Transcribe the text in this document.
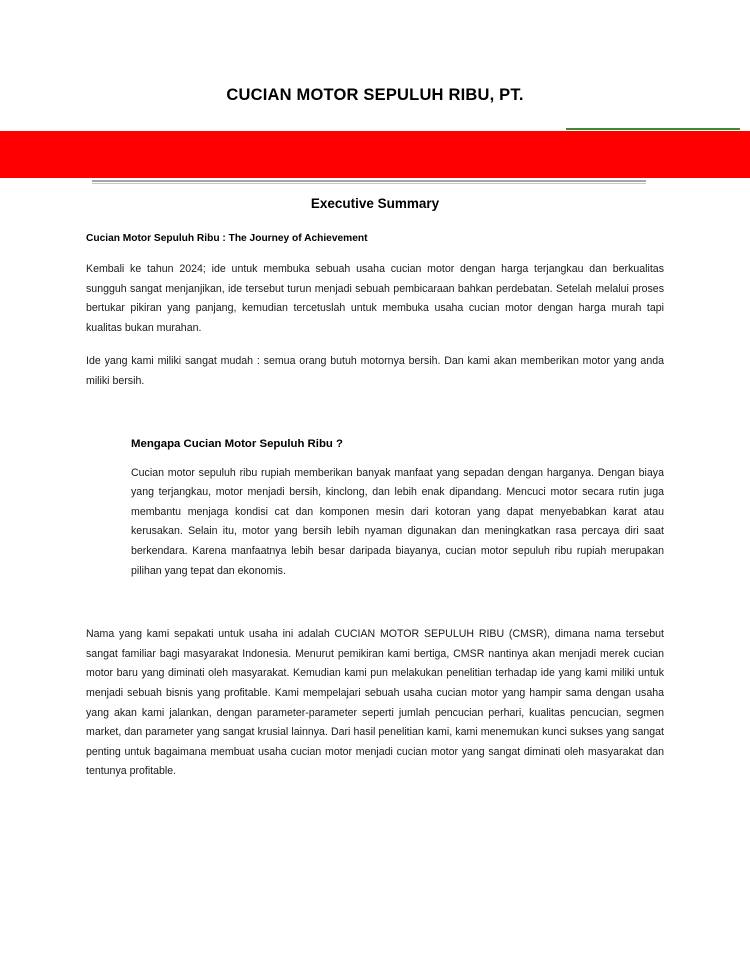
CUCIAN MOTOR SEPULUH RIBU, PT.
Executive Summary
Cucian Motor Sepuluh Ribu : The Journey of Achievement

Kembali ke tahun 2024; ide untuk membuka sebuah usaha cucian motor dengan harga terjangkau dan berkualitas sungguh sangat menjanjikan, ide tersebut turun menjadi sebuah pembicaraan bahkan perdebatan. Setelah melalui proses bertukar pikiran yang panjang, kemudian tercetuslah untuk membuka usaha cucian motor dengan harga murah tapi kualitas bukan murahan.

Ide yang kami miliki sangat mudah : semua orang butuh motornya bersih. Dan kami akan memberikan motor yang anda miliki bersih.

Mengapa Cucian Motor Sepuluh Ribu ?

Cucian motor sepuluh ribu rupiah memberikan banyak manfaat yang sepadan dengan harganya. Dengan biaya yang terjangkau, motor menjadi bersih, kinclong, dan lebih enak dipandang. Mencuci motor secara rutin juga membantu menjaga kondisi cat dan komponen mesin dari kotoran yang dapat menyebabkan karat atau kerusakan. Selain itu, motor yang bersih lebih nyaman digunakan dan meningkatkan rasa percaya diri saat berkendara. Karena manfaatnya lebih besar daripada biayanya, cucian motor sepuluh ribu rupiah merupakan pilihan yang tepat dan ekonomis.

Nama yang kami sepakati untuk usaha ini adalah CUCIAN MOTOR SEPULUH RIBU (CMSR), dimana nama tersebut sangat familiar bagi masyarakat Indonesia. Menurut pemikiran kami bertiga, CMSR nantinya akan menjadi merek cucian motor baru yang diminati oleh masyarakat. Kemudian kami pun melakukan penelitian terhadap ide yang kami miliki untuk menjadi sebuah bisnis yang profitable. Kami mempelajari sebuah usaha cucian motor yang hampir sama dengan usaha yang akan kami jalankan, dengan parameter-parameter seperti jumlah pencucian perhari, kualitas pencucian, segmen market, dan parameter yang sangat krusial lainnya. Dari hasil penelitian kami, kami menemukan kunci sukses yang sangat penting untuk bagaimana membuat usaha cucian motor menjadi cucian motor yang sangat diminati oleh masyarakat dan tentunya profitable.
